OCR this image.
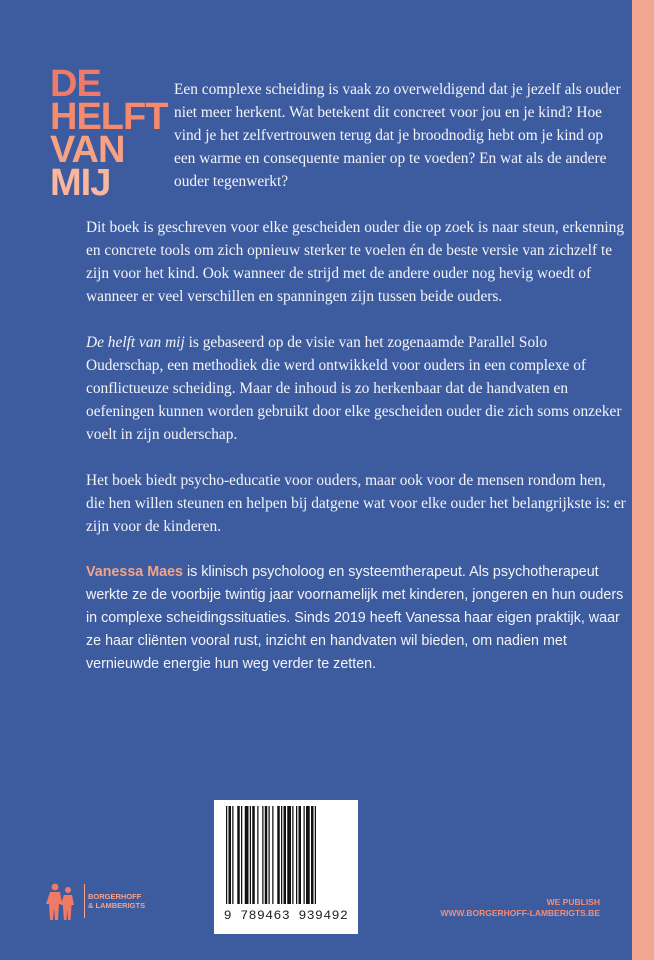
DE
HELFT
VAN
MIJ

Een complexe scheiding is vaak zo overweldigend dat je jezelf als ouder niet meer herkent. Wat betekent dit concreet voor jou en je kind? Hoe vind je het zelfvertrouwen terug dat je broodnodig hebt om je kind op een warme en consequente manier op te voeden? En wat als de andere ouder tegenwerkt?

Dit boek is geschreven voor elke gescheiden ouder die op zoek is naar steun, erkenning en concrete tools om zich opnieuw sterker te voelen én de beste versie van zichzelf te zijn voor het kind. Ook wanneer de strijd met de andere ouder nog hevig woedt of wanneer er veel verschillen en spanningen zijn tussen beide ouders.

De helft van mij is gebaseerd op de visie van het zogenaamde Parallel Solo Ouderschap, een methodiek die werd ontwikkeld voor ouders in een complexe of conflictueuze scheiding. Maar de inhoud is zo herkenbaar dat de handvaten en oefeningen kunnen worden gebruikt door elke gescheiden ouder die zich soms onzeker voelt in zijn ouderschap.

Het boek biedt psycho-educatie voor ouders, maar ook voor de mensen rondom hen, die hen willen steunen en helpen bij datgene wat voor elke ouder het belangrijkste is: er zijn voor de kinderen.

Vanessa Maes is klinisch psycholoog en systeemtherapeut. Als psychotherapeut werkte ze de voorbije twintig jaar voornamelijk met kinderen, jongeren en hun ouders in complexe scheidingssituaties. Sinds 2019 heeft Vanessa haar eigen praktijk, waar ze haar cliënten vooral rust, inzicht en handvaten wil bieden, om nadien met vernieuwde energie hun weg verder te zetten.

9 789463 939492
BORGERHOFF
& LAMBERIGTS	WE PUBLISH
WWW.BORGERHOFF-LAMBERIGTS.BE
